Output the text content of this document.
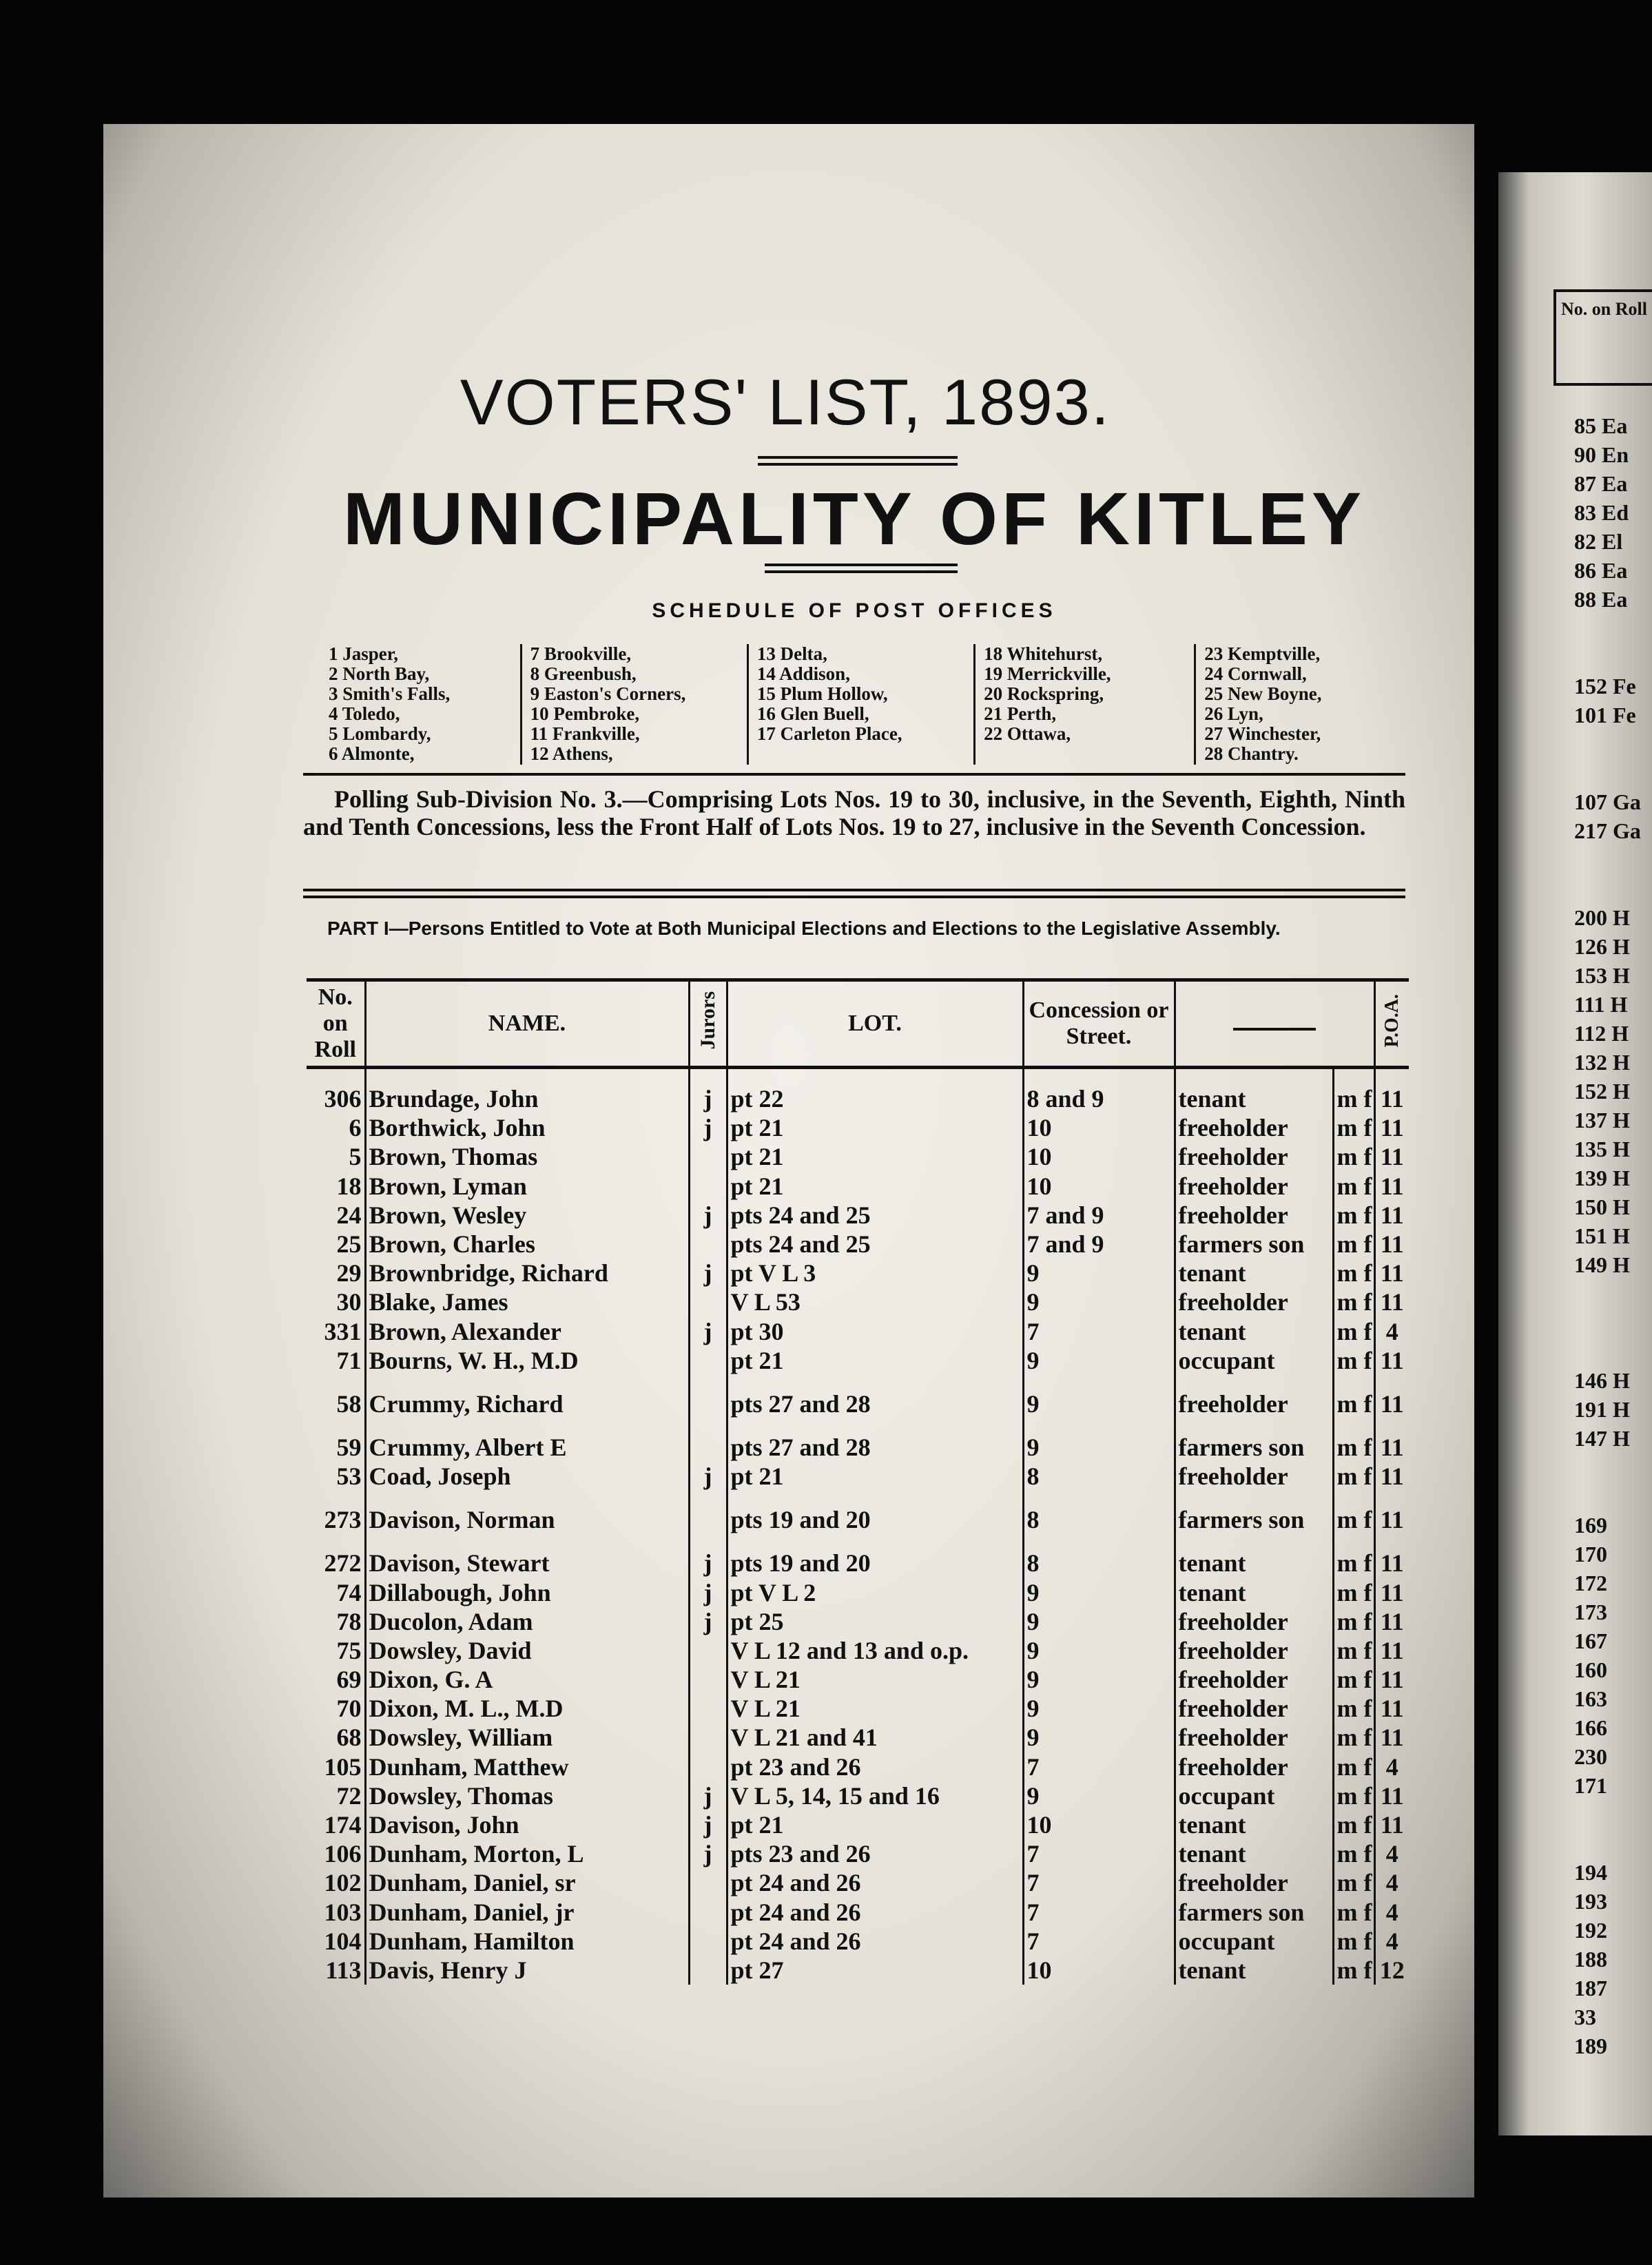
No. on Roll
85 Ea
90 En
87 Ea
83 Ed
82 El
86 Ea
88 Ea
152 Fe
101 Fe
107 Ga
217 Ga
200 H
126 H
153 H
111 H
112 H
132 H
152 H
137 H
135 H
139 H
150 H
151 H
149 H
146 H
191 H
147 H
169
170
172
173
167
160
163
166
230
171
194
193
192
188
187
33
189
VOTERS' LIST, 1893.
MUNICIPALITY OF KITLEY
SCHEDULE OF POST OFFICES
1 Jasper,
2 North Bay,
3 Smith's Falls,
4 Toledo,
5 Lombardy,
6 Almonte,
7 Brookville,
8 Greenbush,
9 Easton's Corners,
10 Pembroke,
11 Frankville,
12 Athens,
13 Delta,
14 Addison,
15 Plum Hollow,
16 Glen Buell,
17 Carleton Place,
18 Whitehurst,
19 Merrickville,
20 Rockspring,
21 Perth,
22 Ottawa,
23 Kemptville,
24 Cornwall,
25 New Boyne,
26 Lyn,
27 Winchester,
28 Chantry.
Polling Sub-Division No. 3.—Comprising Lots Nos. 19 to 30, inclusive, in the Seventh, Eighth, Ninth and Tenth Concessions, less the Front Half of Lots Nos. 19 to 27, inclusive in the Seventh Concession.
PART I—Persons Entitled to Vote at Both Municipal Elections and Elections to the Legislative Assembly.
No. on Roll	NAME.	Jurors	LOT.	Concession or Street.			P.O.A.
306	Brundage, John	j	pt 22	8 and 9	tenant	m f	11
6	Borthwick, John	j	pt 21	10	freeholder	m f	11
5	Brown, Thomas		pt 21	10	freeholder	m f	11
18	Brown, Lyman		pt 21	10	freeholder	m f	11
24	Brown, Wesley	j	pts 24 and 25	7 and 9	freeholder	m f	11
25	Brown, Charles		pts 24 and 25	7 and 9	farmers son	m f	11
29	Brownbridge, Richard	j	pt V L 3	9	tenant	m f	11
30	Blake, James		V L 53	9	freeholder	m f	11
331	Brown, Alexander	j	pt 30	7	tenant	m f	4
71	Bourns, W. H., M.D		pt 21	9	occupant	m f	11
58	Crummy, Richard		pts 27 and 28	9	freeholder	m f	11
59	Crummy, Albert E		pts 27 and 28	9	farmers son	m f	11
53	Coad, Joseph	j	pt 21	8	freeholder	m f	11
273	Davison, Norman		pts 19 and 20	8	farmers son	m f	11
272	Davison, Stewart	j	pts 19 and 20	8	tenant	m f	11
74	Dillabough, John	j	pt V L 2	9	tenant	m f	11
78	Ducolon, Adam	j	pt 25	9	freeholder	m f	11
75	Dowsley, David		V L 12 and 13 and o.p.	9	freeholder	m f	11
69	Dixon, G. A		V L 21	9	freeholder	m f	11
70	Dixon, M. L., M.D		V L 21	9	freeholder	m f	11
68	Dowsley, William		V L 21 and 41	9	freeholder	m f	11
105	Dunham, Matthew		pt 23 and 26	7	freeholder	m f	4
72	Dowsley, Thomas	j	V L 5, 14, 15 and 16	9	occupant	m f	11
174	Davison, John	j	pt 21	10	tenant	m f	11
106	Dunham, Morton, L	j	pts 23 and 26	7	tenant	m f	4
102	Dunham, Daniel, sr		pt 24 and 26	7	freeholder	m f	4
103	Dunham, Daniel, jr		pt 24 and 26	7	farmers son	m f	4
104	Dunham, Hamilton		pt 24 and 26	7	occupant	m f	4
113	Davis, Henry J		pt 27	10	tenant	m f	12
